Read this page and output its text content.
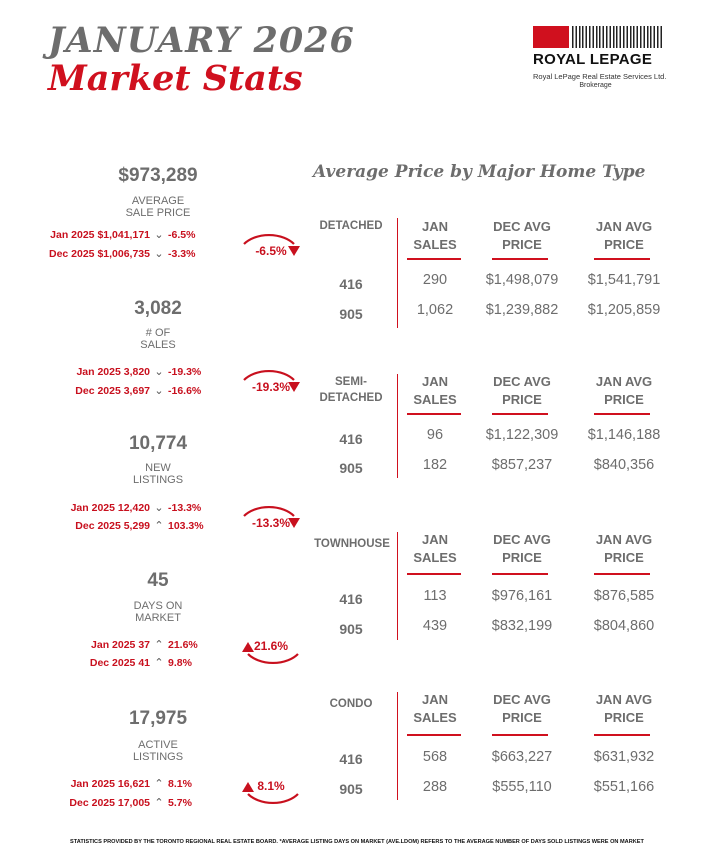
JANUARY 2026
Market Stats	ROYAL LEPAGE
Royal LePage Real Estate Services Ltd.
Brokerage
$973,289
AVERAGE
SALE PRICE
Jan 2025 $1,041,171 ⌄ -6.5%
Dec 2025 $1,006,735 ⌄ -3.3%	-6.5%
3,082
# OF
SALES
Jan 2025 3,820 ⌄ -19.3%
Dec 2025 3,697 ⌄ -16.6%	-19.3%
10,774
NEW
LISTINGS
Jan 2025 12,420 ⌄ -13.3%
Dec 2025 5,299 ⌃ 103.3%	-13.3%
45
DAYS ON
MARKET
Jan 2025 37 ⌃ 21.6%
Dec 2025 41 ⌃ 9.8%
21.6%
17,975
ACTIVE
LISTINGS
Jan 2025 16,621 ⌃ 8.1%
Dec 2025 17,005 ⌃ 5.7%
8.1%
Average Price by Major Home Type
DETACHED	JAN
SALES
DEC AVG
PRICE
JAN AVG
PRICE
416	290	$1,498,079	$1,541,791
905	1,062	$1,239,882	$1,205,859
SEMI-
DETACHED
JAN
SALES
DEC AVG
PRICE
JAN AVG
PRICE
416	96	$1,122,309	$1,146,188
905	182	$857,237	$840,356
TOWNHOUSE	JAN
SALES
DEC AVG
PRICE
JAN AVG
PRICE
416	113	$976,161	$876,585
905	439	$832,199	$804,860
CONDO	JAN
SALES
DEC AVG
PRICE
JAN AVG
PRICE
416	568	$663,227	$631,932
905	288	$555,110	$551,166
STATISTICS PROVIDED BY THE TORONTO REGIONAL REAL ESTATE BOARD. *AVERAGE LISTING DAYS ON MARKET (AVE.LDOM) REFERS TO THE AVERAGE NUMBER OF DAYS SOLD LISTINGS WERE ON MARKET
